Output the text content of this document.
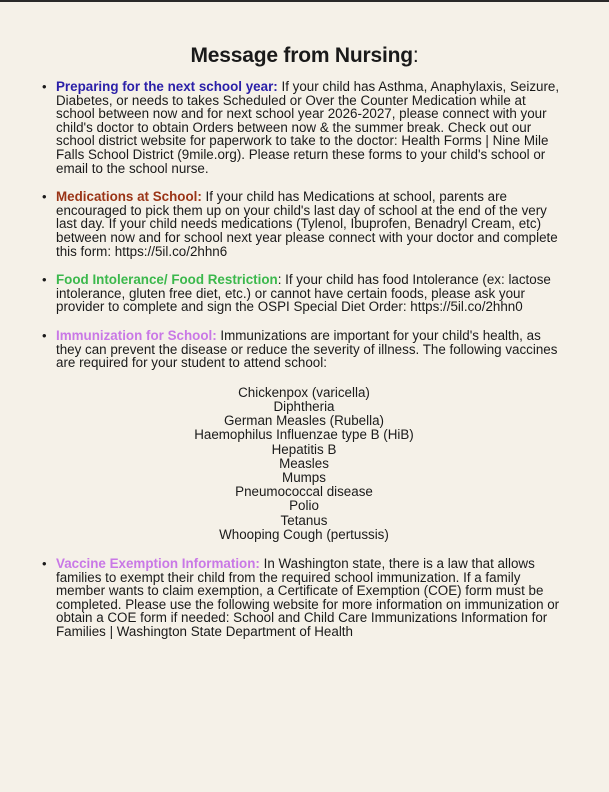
Message from Nursing:
• Preparing for the next school year: If your child has Asthma, Anaphylaxis, Seizure, Diabetes, or needs to takes Scheduled or Over the Counter Medication while at school between now and for next school year 2026-2027, please connect with your child's doctor to obtain Orders between now & the summer break. Check out our school district website for paperwork to take to the doctor: Health Forms | Nine Mile Falls School District (9mile.org). Please return these forms to your child's school or email to the school nurse.
• Medications at School: If your child has Medications at school, parents are encouraged to pick them up on your child's last day of school at the end of the very last day. If your child needs medications (Tylenol, Ibuprofen, Benadryl Cream, etc) between now and for school next year please connect with your doctor and complete this form: https://5il.co/2hhn6
• Food Intolerance/ Food Restriction: If your child has food Intolerance (ex: lactose intolerance, gluten free diet, etc.) or cannot have certain foods, please ask your provider to complete and sign the OSPI Special Diet Order: https://5il.co/2hhn0
• Immunization for School: Immunizations are important for your child's health, as they can prevent the disease or reduce the severity of illness. The following vaccines are required for your student to attend school:
Chickenpox (varicella)
Diphtheria
German Measles (Rubella)
Haemophilus Influenzae type B (HiB)
Hepatitis B
Measles
Mumps
Pneumococcal disease
Polio
Tetanus
Whooping Cough (pertussis)
• Vaccine Exemption Information: In Washington state, there is a law that allows families to exempt their child from the required school immunization. If a family member wants to claim exemption, a Certificate of Exemption (COE) form must be completed. Please use the following website for more information on immunization or obtain a COE form if needed: School and Child Care Immunizations Information for Families | Washington State Department of Health
